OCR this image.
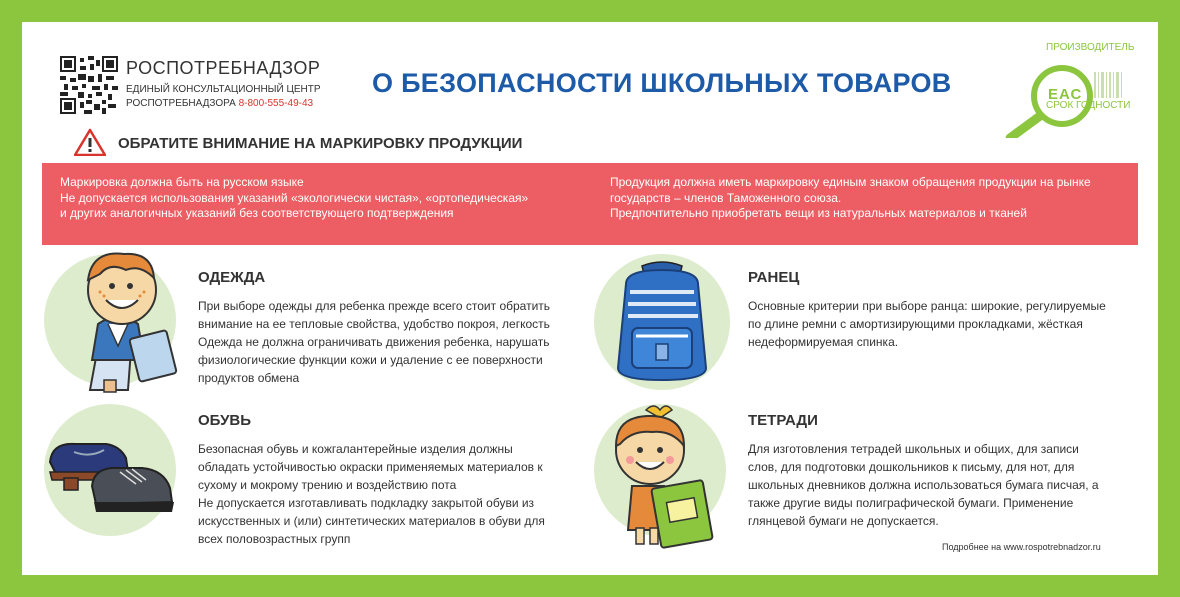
РОСПОТРЕБНАДЗОР
ЕДИНЫЙ КОНСУЛЬТАЦИОННЫЙ ЦЕНТР
РОСПОТРЕБНАДЗОРА 8-800-555-49-43
О БЕЗОПАСНОСТИ ШКОЛЬНЫХ ТОВАРОВ
ПРОИЗВОДИТЕЛЬ
ЕАС
СРОК ГОДНОСТИ
ОБРАТИТЕ ВНИМАНИЕ НА МАРКИРОВКУ ПРОДУКЦИИ
Маркировка должна быть на русском языке
Не допускается использования указаний «экологически чистая», «ортопедическая»
и других аналогичных указаний без соответствующего подтверждения
Продукция должна иметь маркировку единым знаком обращения продукции на рынке
государств – членов Таможенного союза.
Предпочтительно приобретать вещи из натуральных материалов и тканей
ОДЕЖДА
При выборе одежды для ребенка прежде всего стоит обратить
внимание на ее тепловые свойства, удобство покроя, легкость
Одежда не должна ограничивать движения ребенка, нарушать
физиологические функции кожи и удаление с ее поверхности
продуктов обмена
ОБУВЬ
Безопасная обувь и кожгалантерейные изделия должны
обладать устойчивостью окраски применяемых материалов к
сухому и мокрому трению и воздействию пота
Не допускается изготавливать подкладку закрытой обуви из
искусственных и (или) синтетических материалов в обуви для
всех половозрастных групп
РАНЕЦ
Основные критерии при выборе ранца: широкие, регулируемые
по длине ремни с амортизирующими прокладками, жёсткая
недеформируемая спинка.
ТЕТРАДИ
Для изготовления тетрадей школьных и общих, для записи
слов, для подготовки дошкольников к письму, для нот, для
школьных дневников должна использоваться бумага писчая, а
также другие виды полиграфической бумаги. Применение
глянцевой бумаги не допускается.
Подробнее на www.rospotrebnadzor.ru
